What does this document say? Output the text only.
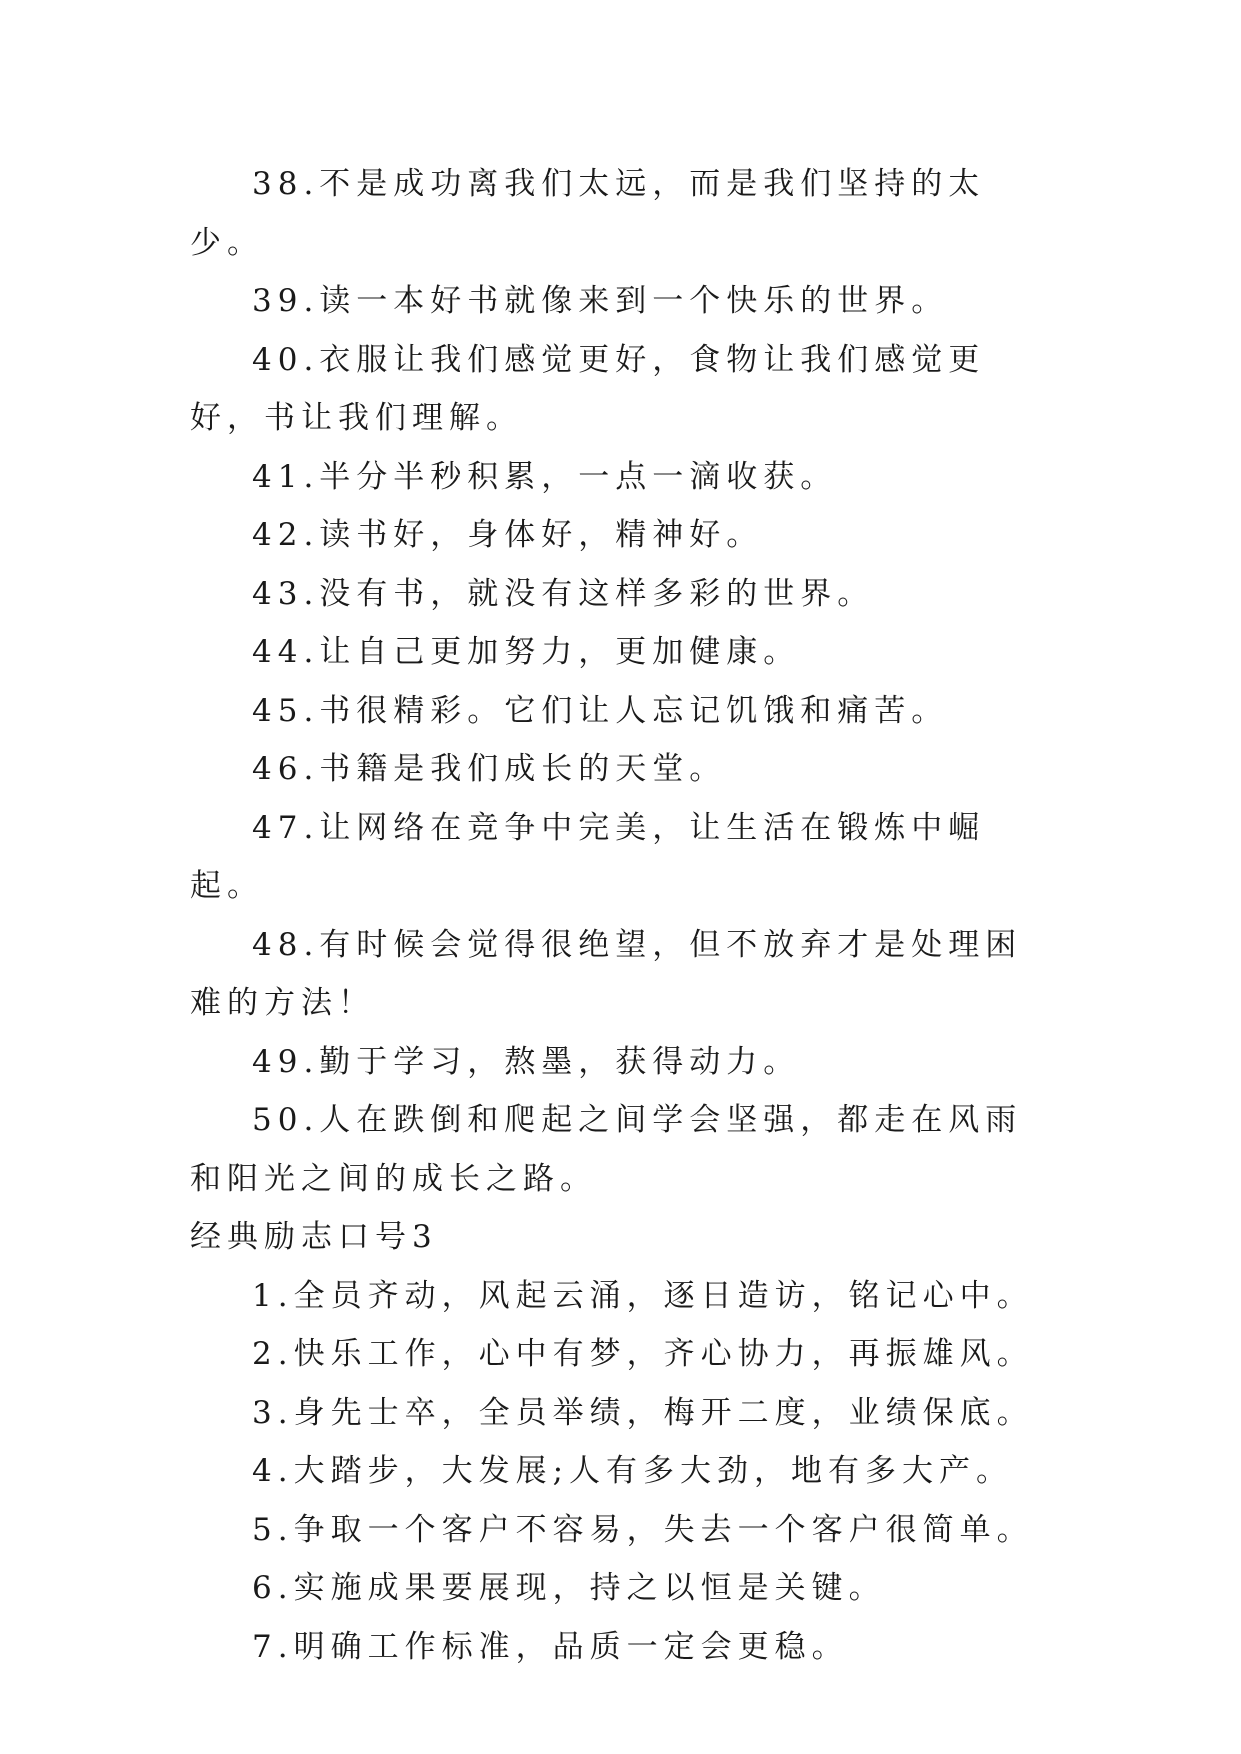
38.不是成功离我们太远，而是我们坚持的太少。

39.读一本好书就像来到一个快乐的世界。

40.衣服让我们感觉更好，食物让我们感觉更好，书让我们理解。

41.半分半秒积累，一点一滴收获。

42.读书好，身体好，精神好。

43.没有书，就没有这样多彩的世界。

44.让自己更加努力，更加健康。

45.书很精彩。它们让人忘记饥饿和痛苦。

46.书籍是我们成长的天堂。

47.让网络在竞争中完美，让生活在锻炼中崛起。

48.有时候会觉得很绝望，但不放弃才是处理困难的方法！

49.勤于学习，熬墨，获得动力。

50.人在跌倒和爬起之间学会坚强，都走在风雨和阳光之间的成长之路。

经典励志口号3

1.全员齐动，风起云涌，逐日造访，铭记心中。

2.快乐工作，心中有梦，齐心协力，再振雄风。

3.身先士卒，全员举绩，梅开二度，业绩保底。

4.大踏步，大发展;人有多大劲，地有多大产。

5.争取一个客户不容易，失去一个客户很简单。

6.实施成果要展现，持之以恒是关键。

7.明确工作标准，品质一定会更稳。
